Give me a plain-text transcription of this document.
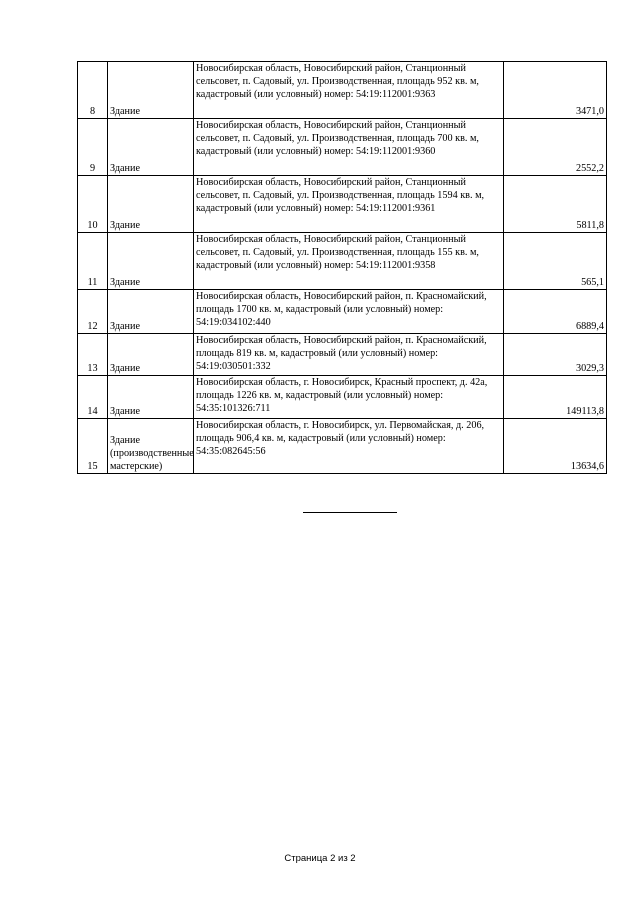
8	Здание	Новосибирская область, Новосибирский район, Станционный сельсовет, п. Садовый, ул. Производственная, площадь 952 кв. м, кадастровый (или условный) номер: 54:19:112001:9363	3471,0
9	Здание	Новосибирская область, Новосибирский район, Станционный сельсовет, п. Садовый, ул. Производственная, площадь 700 кв. м, кадастровый (или условный) номер: 54:19:112001:9360	2552,2
10	Здание	Новосибирская область, Новосибирский район, Станционный сельсовет, п. Садовый, ул. Производственная, площадь 1594 кв. м, кадастровый (или условный) номер: 54:19:112001:9361	5811,8
11	Здание	Новосибирская область, Новосибирский район, Станционный сельсовет, п. Садовый, ул. Производственная, площадь 155 кв. м, кадастровый (или условный) номер: 54:19:112001:9358	565,1
12	Здание	Новосибирская область, Новосибирский район, п. Красномайский, площадь 1700 кв. м, кадастровый (или условный) номер: 54:19:034102:440	6889,4
13	Здание	Новосибирская область, Новосибирский район, п. Красномайский, площадь 819 кв. м, кадастровый (или условный) номер: 54:19:030501:332	3029,3
14	Здание	Новосибирская область, г. Новосибирск, Красный проспект, д. 42а, площадь 1226 кв. м, кадастровый (или условный) номер: 54:35:101326:711	149113,8
15	Здание (производственные мастерские)	Новосибирская область, г. Новосибирск, ул. Первомайская, д. 206, площадь 906,4 кв. м, кадастровый (или условный) номер: 54:35:082645:56	13634,6
Страница 2 из 2
